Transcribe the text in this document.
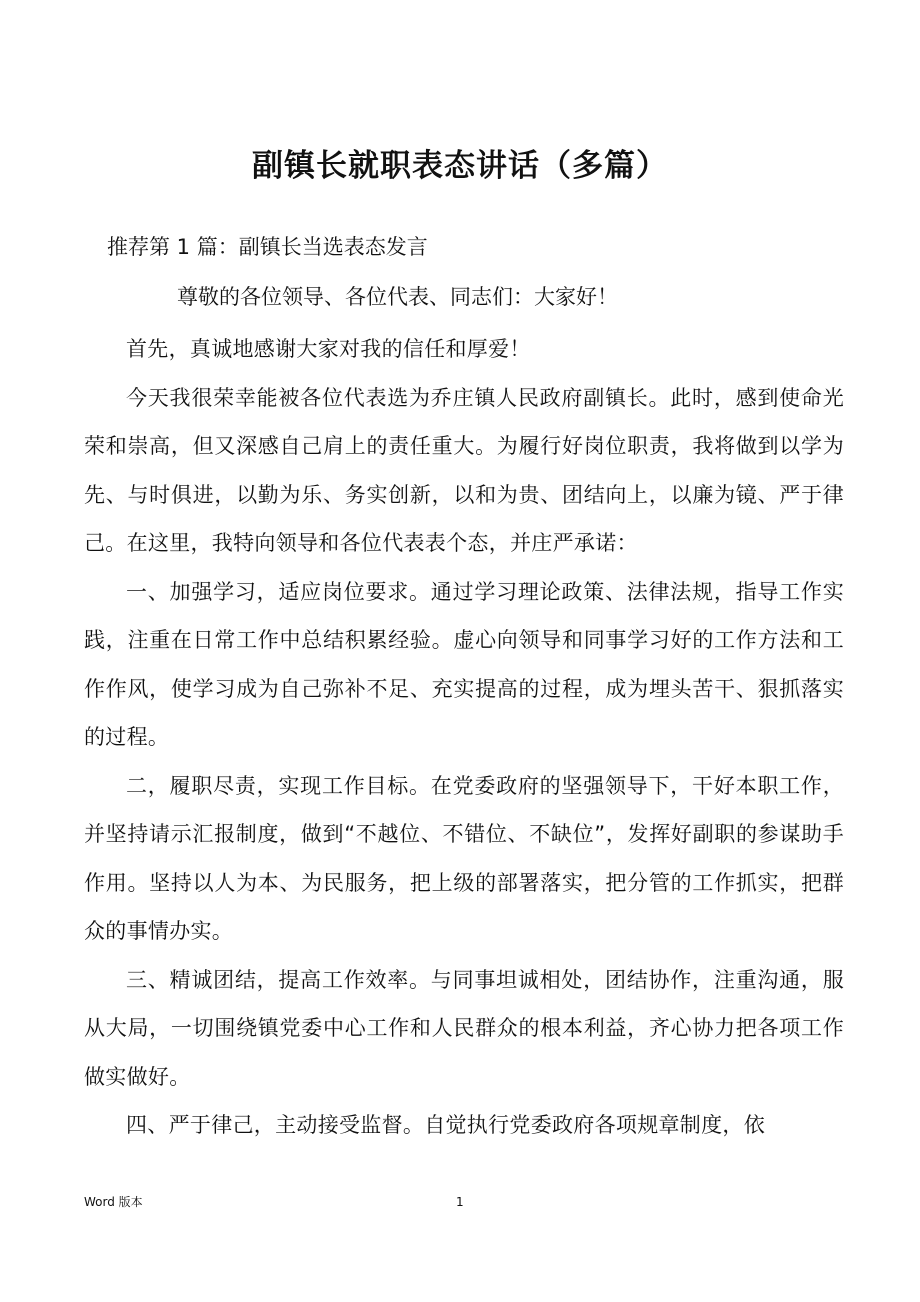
副镇长就职表态讲话（多篇）
推荐第 1 篇：副镇长当选表态发言
尊敬的各位领导、各位代表、同志们：大家好！

首先，真诚地感谢大家对我的信任和厚爱！

今天我很荣幸能被各位代表选为乔庄镇人民政府副镇长。此时，感到使命光荣和崇高，但又深感自己肩上的责任重大。为履行好岗位职责，我将做到以学为先、与时俱进，以勤为乐、务实创新，以和为贵、团结向上，以廉为镜、严于律己。在这里，我特向领导和各位代表表个态，并庄严承诺：

一、加强学习，适应岗位要求。通过学习理论政策、法律法规，指导工作实践，注重在日常工作中总结积累经验。虚心向领导和同事学习好的工作方法和工作作风，使学习成为自己弥补不足、充实提高的过程，成为埋头苦干、狠抓落实的过程。

二，履职尽责，实现工作目标。在党委政府的坚强领导下，干好本职工作，并坚持请示汇报制度，做到“不越位、不错位、不缺位”，发挥好副职的参谋助手作用。坚持以人为本、为民服务，把上级的部署落实，把分管的工作抓实，把群众的事情办实。

三、精诚团结，提高工作效率。与同事坦诚相处，团结协作，注重沟通，服从大局，一切围绕镇党委中心工作和人民群众的根本利益，齐心协力把各项工作做实做好。

四、严于律己，主动接受监督。自觉执行党委政府各项规章制度，依

Word 版本	1
